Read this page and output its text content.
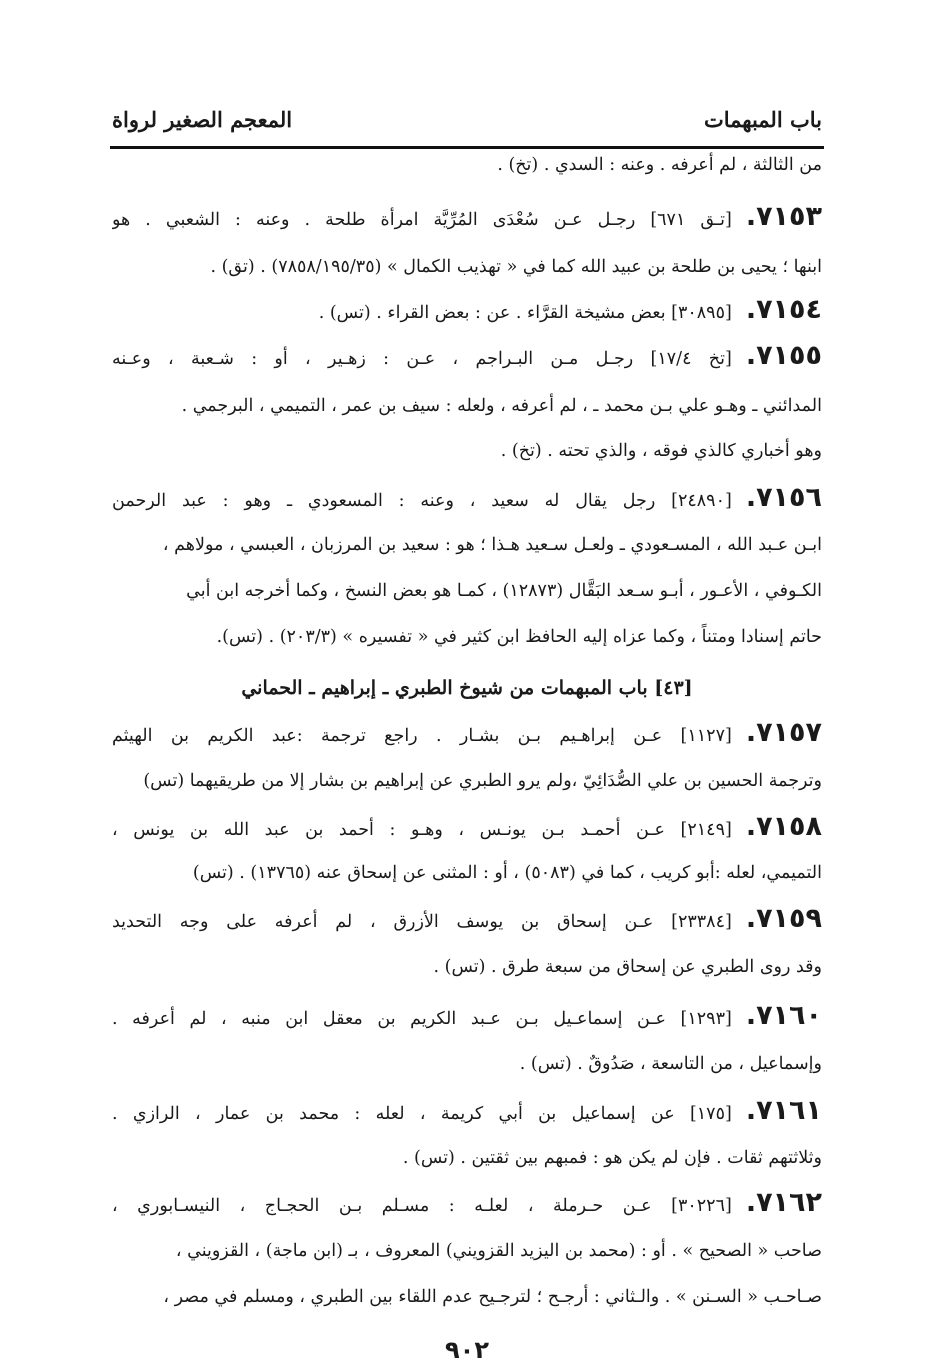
باب المبهمات
المعجم الصغير لرواة
من الثالثة ، لم أعرفه . وعنه : السدي . (تخ) .
٧١٥٣.[تـق ٦٧١] رجـل عـن سُعْدَى المُرِّيَّة امرأة طلحة . وعنه : الشعبي . هو
ابنها ؛ يحيى بن طلحة بن عبيد الله كما في « تهذيب الكمال » (٧٨٥٨/١٩٥/٣٥) . (تق) .
٧١٥٤.[٣٠٨٩٥] بعض مشيخة القرَّاء . عن : بعض القراء . (تس) .
٧١٥٥.[تخ ١٧/٤] رجـل مـن البـراجم ، عـن : زهـير ، أو : شـعبة ، وعـنه
المدائني ـ وهـو علي بـن محمد ـ ، لم أعرفه ، ولعله : سيف بن عمر ، التميمي ، البرجمي .
وهو أخباري كالذي فوقه ، والذي تحته . (تخ) .
٧١٥٦.[٢٤٨٩٠] رجل يقال له سعيد ، وعنه : المسعودي ـ وهو : عبد الرحمن
ابـن عـبد الله ، المسـعودي ـ ولعـل سـعيد هـذا ؛ هو : سعيد بن المرزبان ، العبسي ، مولاهم ،
الكـوفي ، الأعـور ، أبـو سـعد البَقَّال (١٢٨٧٣) ، كمـا هو بعض النسخ ، وكما أخرجه ابن أبي
حاتم إسنادا ومتناً ، وكما عزاه إليه الحافظ ابن كثير في « تفسيره » (٢٠٣/٣) . (تس).
[٤٣] باب المبهمات من شيوخ الطبري ـ إبراهيم ـ الحماني
٧١٥٧.[١١٢٧] عـن إبراهـيم بـن بشـار . راجع ترجمة :عبد الكريم بن الهيثم
وترجمة الحسين بن علي الصُّدَائِيّ ،ولم يرو الطبري عن إبراهيم بن بشار إلا من طريقيهما (تس)
٧١٥٨.[٢١٤٩] عـن أحمـد بـن يونـس ، وهـو : أحمد بن عبد الله بن يونس ،
التميمي، لعله :أبو كريب ، كما في (٥٠٨٣) ، أو : المثنى عن إسحاق عنه (١٣٧٦٥) . (تس)
٧١٥٩.[٢٣٣٨٤] عـن إسحاق بن يوسف الأزرق ، لم أعرفه على وجه التحديد
وقد روى الطبري عن إسحاق من سبعة طرق . (تس) .
٧١٦٠.[١٢٩٣] عـن إسماعـيل بـن عـبد الكريم بن معقل ابن منبه ، لم أعرفه .
وإسماعيل ، من التاسعة ، صَدُوقٌ . (تس) .
٧١٦١.[١٧٥] عن إسماعيل بن أبي كريمة ، لعله : محمد بن عمار ، الرازي .
وثلاثتهم ثقات . فإن لم يكن هو : فمبهم بين ثقتين . (تس) .
٧١٦٢.[٣٠٢٢٦] عـن حـرملة ، لعلـه : مسـلم بـن الحجـاج ، النيسـابوري ،
صاحب « الصحيح » . أو : (محمد بن اليزيد القزويني) المعروف ، بـ (ابن ماجة) ، القزويني ،
صـاحـب « السـنن » . والـثاني : أرجـح ؛ لترجـيح عدم اللقاء بين الطبري ، ومسلم في مصر ،
٩٠٢
